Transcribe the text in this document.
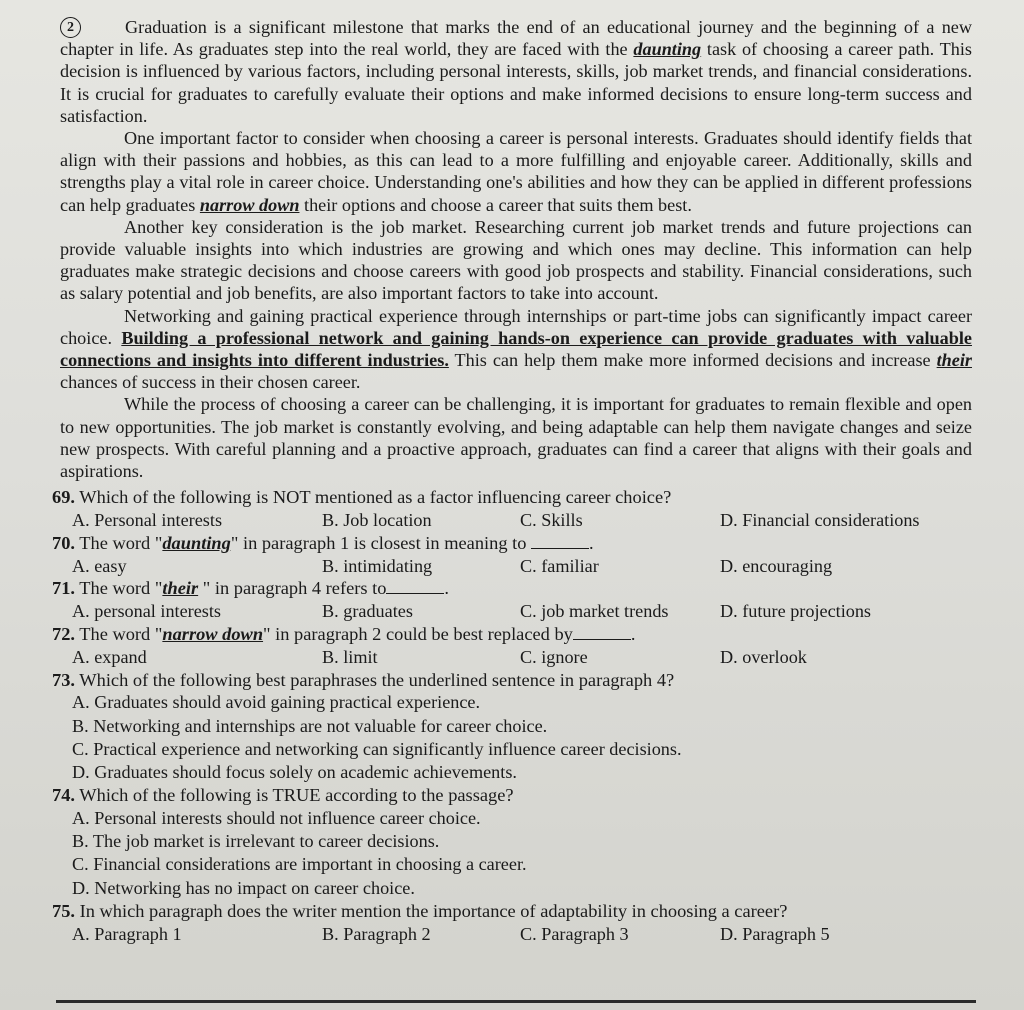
2	Graduation is a significant milestone that marks the end of an educational journey and the beginning of a new chapter in life. As graduates step into the real world, they are faced with the daunting task of choosing a career path. This decision is influenced by various factors, including personal interests, skills, job market trends, and financial considerations. It is crucial for graduates to carefully evaluate their options and make informed decisions to ensure long-term success and satisfaction.

One important factor to consider when choosing a career is personal interests. Graduates should identify fields that align with their passions and hobbies, as this can lead to a more fulfilling and enjoyable career. Additionally, skills and strengths play a vital role in career choice. Understanding one's abilities and how they can be applied in different professions can help graduates narrow down their options and choose a career that suits them best.

Another key consideration is the job market. Researching current job market trends and future projections can provide valuable insights into which industries are growing and which ones may decline. This information can help graduates make strategic decisions and choose careers with good job prospects and stability. Financial considerations, such as salary potential and job benefits, are also important factors to take into account.

Networking and gaining practical experience through internships or part-time jobs can significantly impact career choice. Building a professional network and gaining hands-on experience can provide graduates with valuable connections and insights into different industries. This can help them make more informed decisions and increase their chances of success in their chosen career.

While the process of choosing a career can be challenging, it is important for graduates to remain flexible and open to new opportunities. The job market is constantly evolving, and being adaptable can help them navigate changes and seize new prospects. With careful planning and a proactive approach, graduates can find a career that aligns with their goals and aspirations.

69. Which of the following is NOT mentioned as a factor influencing career choice?
A. Personal interests	B. Job location	C. Skills	D. Financial considerations
70. The word "daunting" in paragraph 1 is closest in meaning to	.
A. easy	B. intimidating	C. familiar	D. encouraging
71. The word "their " in paragraph 4 refers to	.
A. personal interests	B. graduates	C. job market trends	D. future projections
72. The word "narrow down" in paragraph 2 could be best replaced by	.
A. expand	B. limit	C. ignore	D. overlook
73. Which of the following best paraphrases the underlined sentence in paragraph 4?
A. Graduates should avoid gaining practical experience.
B. Networking and internships are not valuable for career choice.
C. Practical experience and networking can significantly influence career decisions.
D. Graduates should focus solely on academic achievements.
74. Which of the following is TRUE according to the passage?
A. Personal interests should not influence career choice.
B. The job market is irrelevant to career decisions.
C. Financial considerations are important in choosing a career.
D. Networking has no impact on career choice.
75. In which paragraph does the writer mention the importance of adaptability in choosing a career?
A. Paragraph 1	B. Paragraph 2	C. Paragraph 3	D. Paragraph 5
